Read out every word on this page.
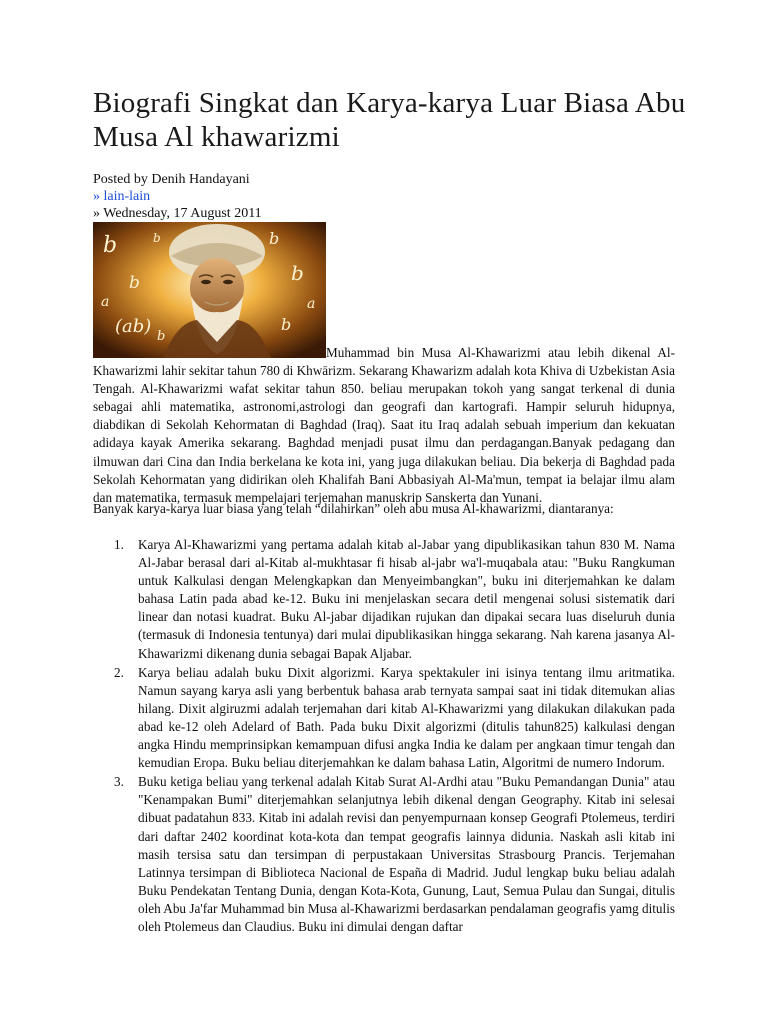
Biografi Singkat dan Karya-karya Luar Biasa Abu Musa Al khawarizmi
Posted by Denih Handayani
» lain-lain
» Wednesday, 17 August 2011
b
b
(ab)
a
b
b
b
b
a
b

Muhammad bin Musa Al-Khawarizmi atau lebih dikenal Al-Khawarizmi lahir sekitar tahun 780 di Khwārizm. Sekarang Khawarizm adalah kota Khiva di Uzbekistan Asia Tengah. Al-Khawarizmi wafat sekitar tahun 850. beliau merupakan tokoh yang sangat terkenal di dunia sebagai ahli matematika, astronomi,astrologi dan geografi dan kartografi. Hampir seluruh hidupnya, diabdikan di Sekolah Kehormatan di Baghdad (Iraq). Saat itu Iraq adalah sebuah imperium dan kekuatan adidaya kayak Amerika sekarang. Baghdad menjadi pusat ilmu dan perdagangan.Banyak pedagang dan ilmuwan dari Cina dan India berkelana ke kota ini, yang juga dilakukan beliau. Dia bekerja di Baghdad pada Sekolah Kehormatan yang didirikan oleh Khalifah Bani Abbasiyah Al-Ma'mun, tempat ia belajar ilmu alam dan matematika, termasuk mempelajari terjemahan manuskrip Sanskerta dan Yunani.

Banyak karya-karya luar biasa yang telah “dilahirkan” oleh abu musa Al-khawarizmi, diantaranya:
1. Karya Al-Khawarizmi yang pertama adalah kitab al-Jabar yang dipublikasikan tahun 830 M. Nama Al-Jabar berasal dari al-Kitab al-mukhtasar fi hisab al-jabr wa'l-muqabala atau: "Buku Rangkuman untuk Kalkulasi dengan Melengkapkan dan Menyeimbangkan", buku ini diterjemahkan ke dalam bahasa Latin pada abad ke-12. Buku ini menjelaskan secara detil mengenai solusi sistematik dari linear dan notasi kuadrat. Buku Al-jabar dijadikan rujukan dan dipakai secara luas diseluruh dunia (termasuk di Indonesia tentunya) dari mulai dipublikasikan hingga sekarang. Nah karena jasanya Al-Khawarizmi dikenang dunia sebagai Bapak Aljabar.
2. Karya beliau adalah buku Dixit algorizmi. Karya spektakuler ini isinya tentang ilmu aritmatika. Namun sayang karya asli yang berbentuk bahasa arab ternyata sampai saat ini tidak ditemukan alias hilang. Dixit algiruzmi adalah terjemahan dari kitab Al-Khawarizmi yang dilakukan dilakukan pada abad ke-12 oleh Adelard of Bath. Pada buku Dixit algorizmi (ditulis tahun825) kalkulasi dengan angka Hindu memprinsipkan kemampuan difusi angka India ke dalam per angkaan timur tengah dan kemudian Eropa. Buku beliau diterjemahkan ke dalam bahasa Latin, Algoritmi de numero Indorum.
3. Buku ketiga beliau yang terkenal adalah Kitab Surat Al-Ardhi atau "Buku Pemandangan Dunia" atau "Kenampakan Bumi" diterjemahkan selanjutnya lebih dikenal dengan Geography. Kitab ini selesai dibuat padatahun 833. Kitab ini adalah revisi dan penyempurnaan konsep Geografi Ptolemeus, terdiri dari daftar 2402 koordinat kota-kota dan tempat geografis lainnya didunia. Naskah asli kitab ini masih tersisa satu dan tersimpan di perpustakaan Universitas Strasbourg Prancis. Terjemahan Latinnya tersimpan di Biblioteca Nacional de España di Madrid. Judul lengkap buku beliau adalah Buku Pendekatan Tentang Dunia, dengan Kota-Kota, Gunung, Laut, Semua Pulau dan Sungai, ditulis oleh Abu Ja'far Muhammad bin Musa al-Khawarizmi berdasarkan pendalaman geografis yamg ditulis oleh Ptolemeus dan Claudius. Buku ini dimulai dengan daftar
